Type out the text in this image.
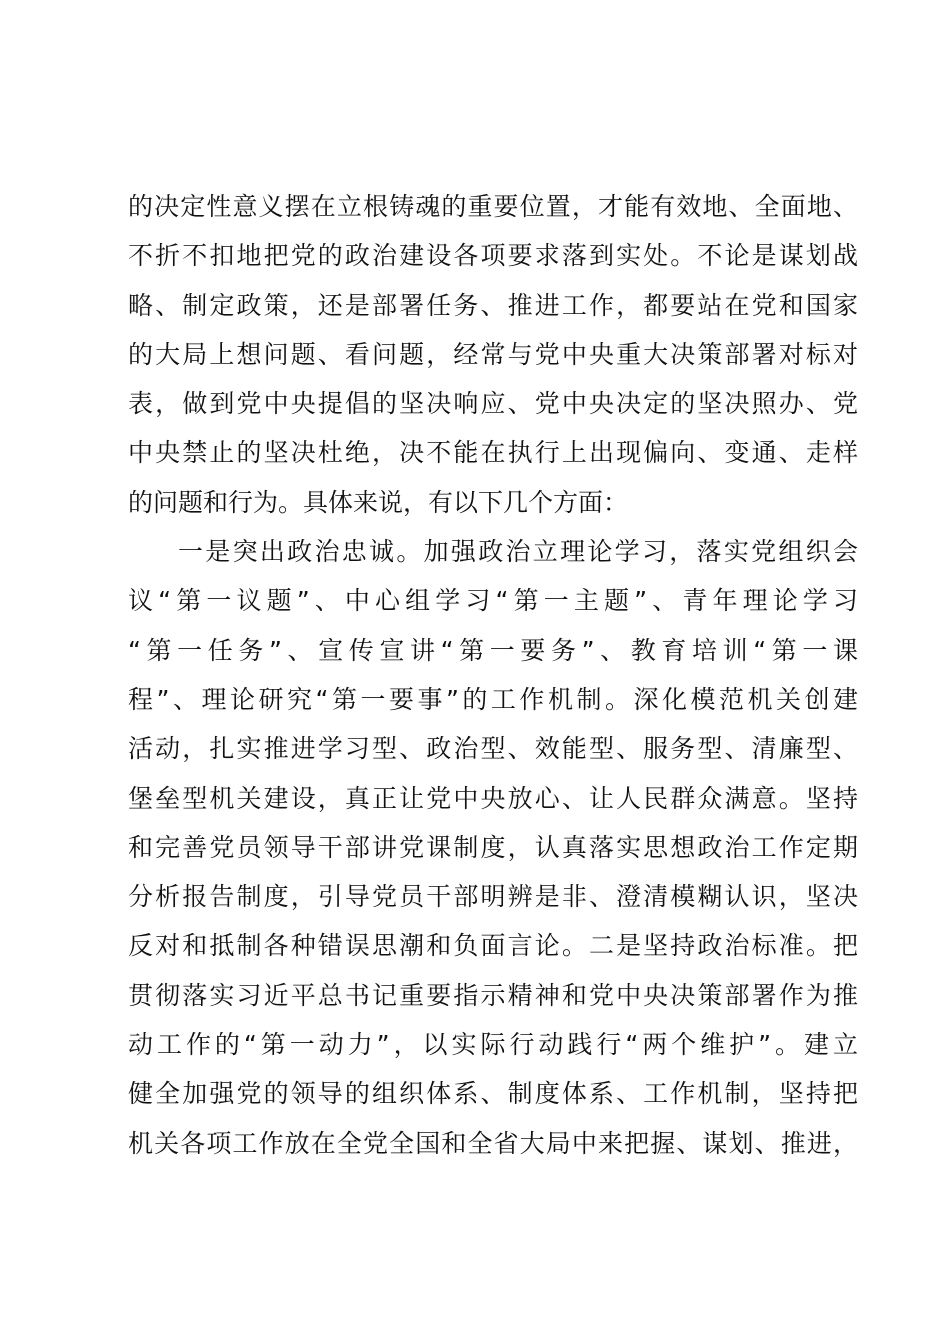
的决定性意义摆在立根铸魂的重要位置，才能有效地、全面地、
不折不扣地把党的政治建设各项要求落到实处。不论是谋划战
略、制定政策，还是部署任务、推进工作，都要站在党和国家
的大局上想问题、看问题，经常与党中央重大决策部署对标对
表，做到党中央提倡的坚决响应、党中央决定的坚决照办、党
中央禁止的坚决杜绝，决不能在执行上出现偏向、变通、走样
的问题和行为。具体来说，有以下几个方面：
一是突出政治忠诚。加强政治立理论学习，落实党组织会
议“第一议题”、中心组学习“第一主题”、青年理论学习
“第一任务”、宣传宣讲“第一要务”、教育培训“第一课
程”、理论研究“第一要事”的工作机制。深化模范机关创建
活动，扎实推进学习型、政治型、效能型、服务型、清廉型、
堡垒型机关建设，真正让党中央放心、让人民群众满意。坚持
和完善党员领导干部讲党课制度，认真落实思想政治工作定期
分析报告制度，引导党员干部明辨是非、澄清模糊认识，坚决
反对和抵制各种错误思潮和负面言论。二是坚持政治标准。把
贯彻落实习近平总书记重要指示精神和党中央决策部署作为推
动工作的“第一动力”，以实际行动践行“两个维护”。建立
健全加强党的领导的组织体系、制度体系、工作机制，坚持把
机关各项工作放在全党全国和全省大局中来把握、谋划、推进，
